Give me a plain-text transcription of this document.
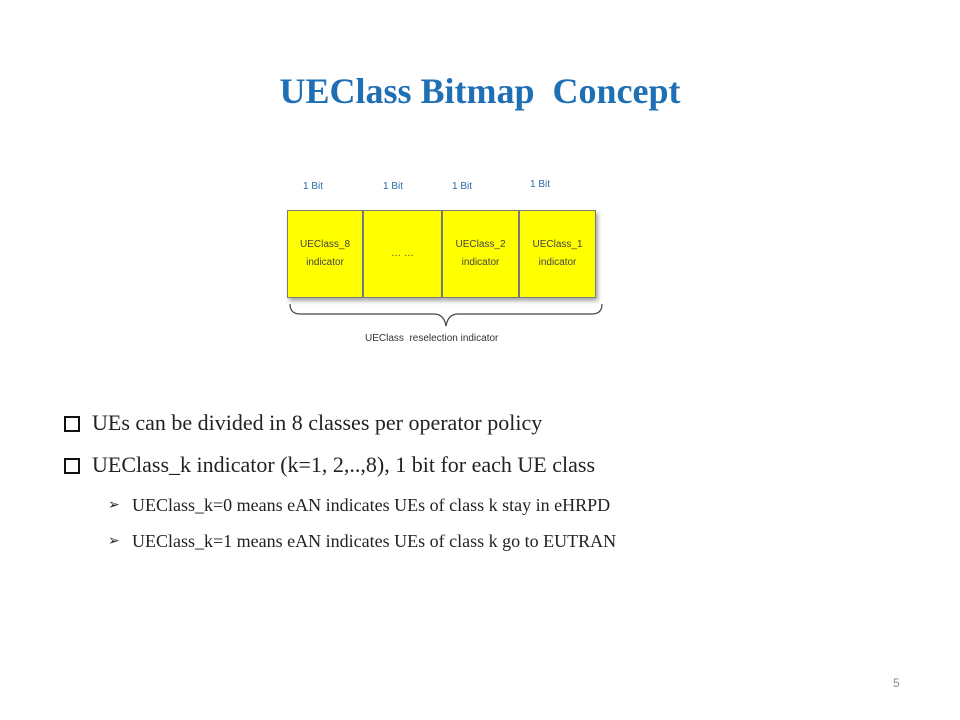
UEClass Bitmap  Concept
1 Bit	1 Bit	1 Bit	1 Bit
UEClass_8
indicator
… …
UEClass_2
indicator
UEClass_1
indicator
UEClass  reselection indicator
UEs can be divided in 8 classes per operator policy
UEClass_k indicator (k=1, 2,..,8), 1 bit for each UE class
➢ UEClass_k=0 means eAN indicates UEs of class k stay in eHRPD
➢ UEClass_k=1 means eAN indicates UEs of class k go to EUTRAN
5
